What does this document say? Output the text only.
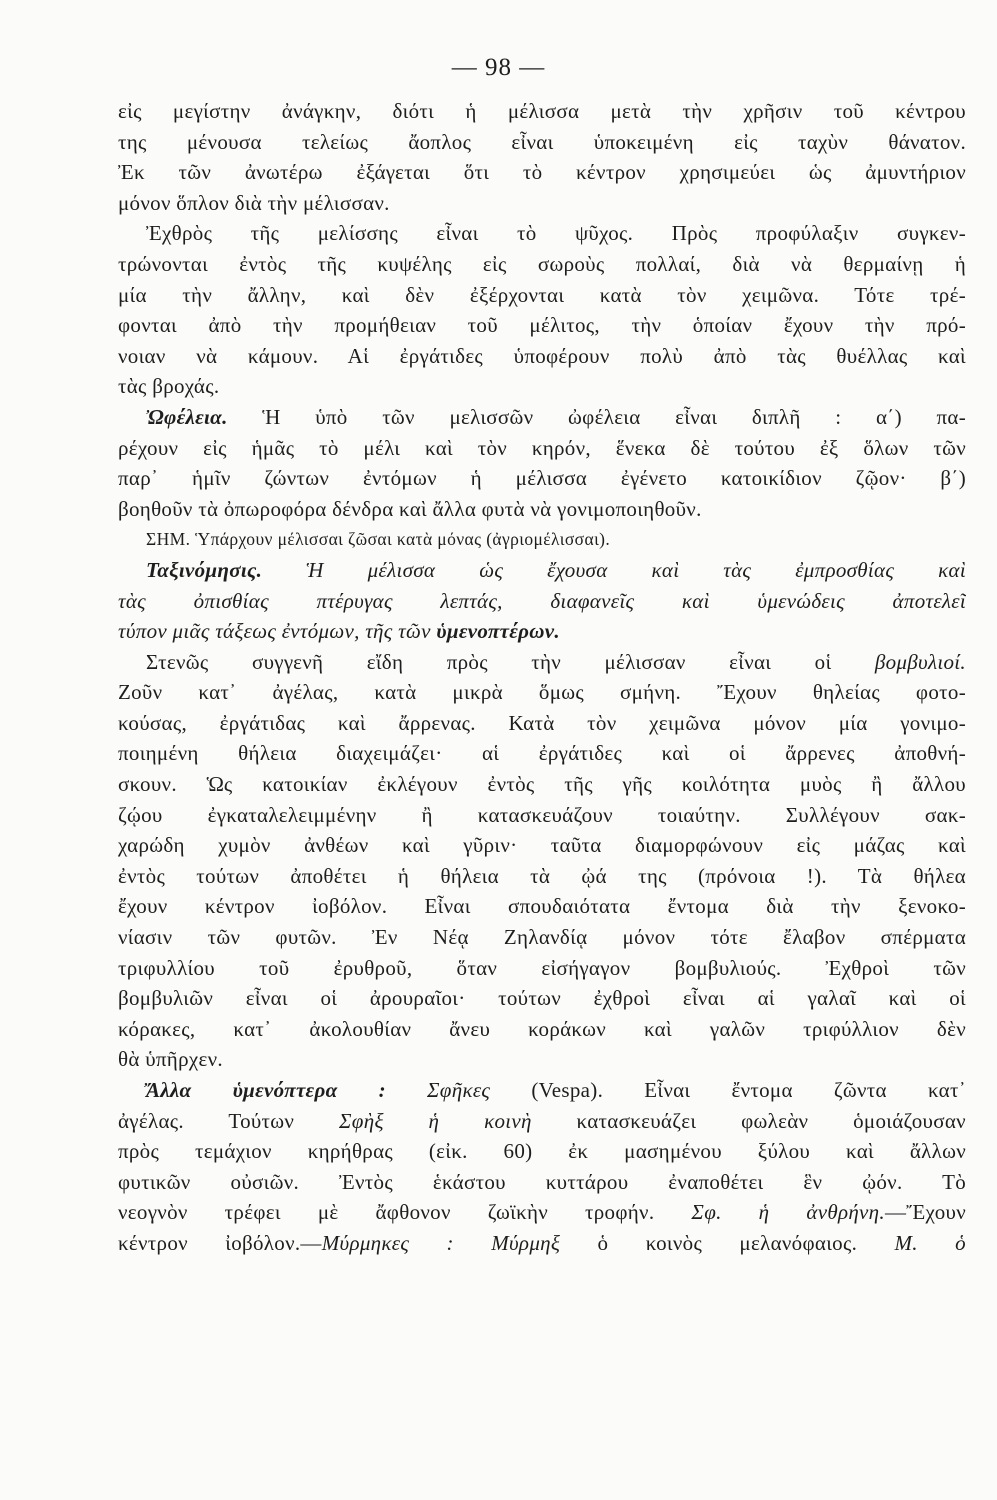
— 98 —
εἰς μεγίστην ἀνάγκην, διότι ἡ μέλισσα μετὰ τὴν χρῆσιν τοῦ κέντρου
της μένουσα τελείως ἄοπλος εἶναι ὑποκειμένη εἰς ταχὺν θάνατον.
Ἐκ τῶν ἀνωτέρω ἐξάγεται ὅτι τὸ κέντρον χρησιμεύει ὡς ἀμυντήριον
μόνον ὅπλον διὰ τὴν μέλισσαν.
Ἐχθρὸς τῆς μελίσσης εἶναι τὸ ψῦχος. Πρὸς προφύλαξιν συγκεν-
τρώνονται ἐντὸς τῆς κυψέλης εἰς σωροὺς πολλαί, διὰ νὰ θερμαίνῃ ἡ
μία τὴν ἄλλην, καὶ δὲν ἐξέρχονται κατὰ τὸν χειμῶνα. Τότε τρέ-
φονται ἀπὸ τὴν προμήθειαν τοῦ μέλιτος, τὴν ὁποίαν ἔχουν τὴν πρό-
νοιαν νὰ κάμουν. Αἱ ἐργάτιδες ὑποφέρουν πολὺ ἀπὸ τὰς θυέλλας καὶ
τὰς βροχάς.
Ὠφέλεια. Ἡ ὑπὸ τῶν μελισσῶν ὠφέλεια εἶναι διπλῆ : α΄) πα-
ρέχουν εἰς ἡμᾶς τὸ μέλι καὶ τὸν κηρόν, ἕνεκα δὲ τούτου ἐξ ὅλων τῶν
παρ᾽ ἡμῖν ζώντων ἐντόμων ἡ μέλισσα ἐγένετο κατοικίδιον ζῷον· β΄)
βοηθοῦν τὰ ὀπωροφόρα δένδρα καὶ ἄλλα φυτὰ νὰ γονιμοποιηθοῦν.
ΣΗΜ. Ὑπάρχουν μέλισσαι ζῶσαι κατὰ μόνας (ἀγριομέλισσαι).
Ταξινόμησις. Ἡ μέλισσα ὡς ἔχουσα καὶ τὰς ἐμπροσθίας καὶ
τὰς ὀπισθίας πτέρυγας λεπτάς, διαφανεῖς καὶ ὑμενώδεις ἀποτελεῖ
τύπον μιᾶς τάξεως ἐντόμων, τῆς τῶν ὑμενοπτέρων.
Στενῶς συγγενῆ εἴδη πρὸς τὴν μέλισσαν εἶναι οἱ βομβυλιοί.
Ζοῦν κατ᾽ ἀγέλας, κατὰ μικρὰ ὅμως σμήνη. Ἔχουν θηλείας φοτο-
κούσας, ἐργάτιδας καὶ ἄρρενας. Κατὰ τὸν χειμῶνα μόνον μία γονιμο-
ποιημένη θήλεια διαχειμάζει· αἱ ἐργάτιδες καὶ οἱ ἄρρενες ἀποθνή-
σκουν. Ὡς κατοικίαν ἐκλέγουν ἐντὸς τῆς γῆς κοιλότητα μυὸς ἢ ἄλλου
ζῴου ἐγκαταλελειμμένην ἢ κατασκευάζουν τοιαύτην. Συλλέγουν σακ-
χαρώδη χυμὸν ἀνθέων καὶ γῦριν· ταῦτα διαμορφώνουν εἰς μάζας καὶ
ἐντὸς τούτων ἀποθέτει ἡ θήλεια τὰ ᾠά της (πρόνοια !). Τὰ θήλεα
ἔχουν κέντρον ἰοβόλον. Εἶναι σπουδαιότατα ἔντομα διὰ τὴν ξενοκο-
νίασιν τῶν φυτῶν. Ἐν Νέᾳ Ζηλανδίᾳ μόνον τότε ἔλαβον σπέρματα
τριφυλλίου τοῦ ἐρυθροῦ, ὅταν εἰσήγαγον βομβυλιούς. Ἐχθροὶ τῶν
βομβυλιῶν εἶναι οἱ ἀρουραῖοι· τούτων ἐχθροὶ εἶναι αἱ γαλαῖ καὶ οἱ
κόρακες, κατ᾽ ἀκολουθίαν ἄνευ κοράκων καὶ γαλῶν τριφύλλιον δὲν
θὰ ὑπῆρχεν.
Ἄλλα ὑμενόπτερα : Σφῆκες (Vespa). Εἶναι ἔντομα ζῶντα κατ᾽
ἀγέλας. Τούτων Σφὴξ ἡ κοινὴ κατασκευάζει φωλεὰν ὁμοιάζουσαν
πρὸς τεμάχιον κηρήθρας (εἰκ. 60) ἐκ μασημένου ξύλου καὶ ἄλλων
φυτικῶν οὐσιῶν. Ἐντὸς ἑκάστου κυττάρου ἐναποθέτει ἓν ᾠόν. Τὸ
νεογνὸν τρέφει μὲ ἄφθονον ζωϊκὴν τροφήν. Σφ. ἡ ἀνθρήνη.—Ἔχουν
κέντρον ἰοβόλον.—Μύρμηκες : Μύρμηξ ὁ κοινὸς μελανόφαιος. Μ. ὁ
